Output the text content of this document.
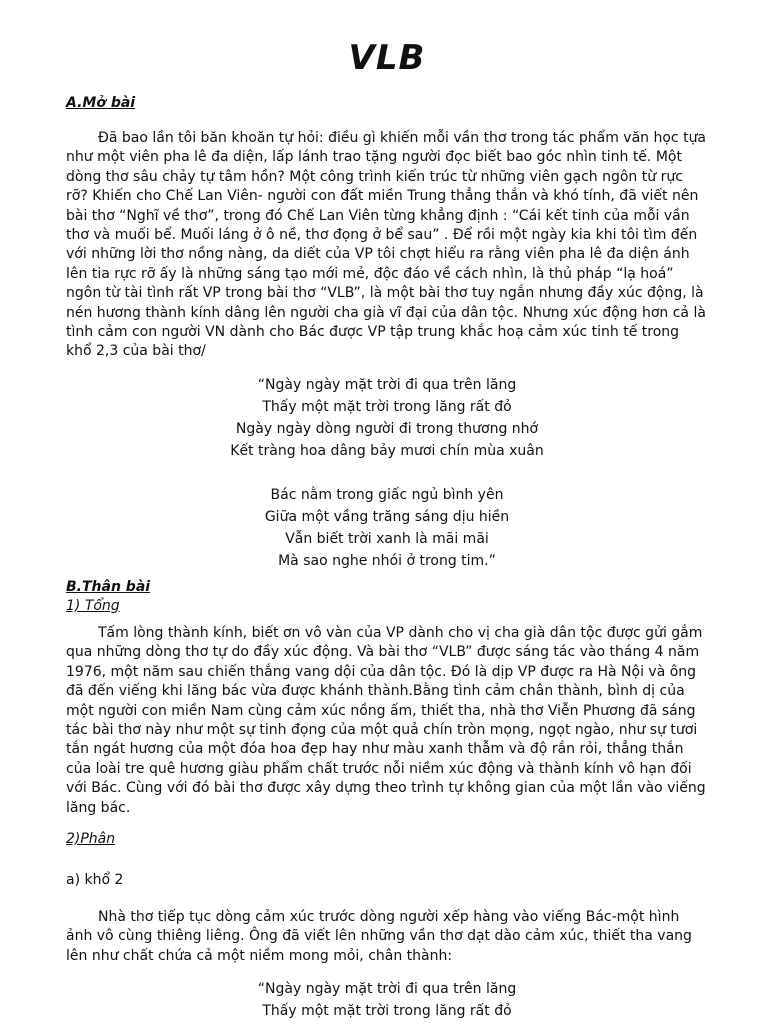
VLB

A.Mở bài

Đã bao lần tôi băn khoăn tự hỏi: điều gì khiến mỗi vần thơ trong tác phẩm văn học tựa như một viên pha lê đa diện, lấp lánh trao tặng người đọc biết bao góc nhìn tinh tế. Một dòng thơ sâu chảy tự tâm hồn? Một công trình kiến trúc từ những viên gạch ngôn từ rực rỡ? Khiến cho Chế Lan Viên- người con đất miền Trung thẳng thắn và khó tính, đã viết nên bài thơ “Nghĩ về thơ”, trong đó Chế Lan Viên từng khẳng định : “Cái kết tinh của mỗi vần thơ và muối bể. Muối láng ở ô nề, thơ đọng ở bể sau” . Để rồi một ngày kia khi tôi tìm đến với những lời thơ nồng nàng, da diết của VP tôi chợt hiểu ra rằng viên pha lê đa diện ánh lên tia rực rỡ ấy là những sáng tạo mới mẻ, độc đáo về cách nhìn, là thủ pháp “lạ hoá” ngôn từ tài tình rất VP trong bài thơ “VLB”, là một bài thơ tuy ngắn nhưng đầy xúc động, là nén hương thành kính dâng lên người cha già vĩ đại của dân tộc. Nhưng xúc động hơn cả là tình cảm con người VN dành cho Bác được VP tập trung khắc hoạ cảm xúc tinh tế trong khổ 2,3 của bài thơ/

“Ngày ngày mặt trời đi qua trên lăng
Thấy một mặt trời trong lăng rất đỏ
Ngày ngày dòng người đi trong thương nhớ
Kết tràng hoa dâng bảy mươi chín mùa xuân
Bác nằm trong giấc ngủ bình yên
Giữa một vầng trăng sáng dịu hiền
Vẫn biết trời xanh là mãi mãi
Mà sao nghe nhói ở trong tim.”

B.Thân bài

1) Tổng

Tấm lòng thành kính, biết ơn vô vàn của VP dành cho vị cha già dân tộc được gửi gắm qua những dòng thơ tự do đầy xúc động. Và bài thơ “VLB” được sáng tác vào tháng 4 năm 1976, một năm sau chiến thắng vang dội của dân tộc. Đó là dịp VP được ra Hà Nội và ông đã đến viếng khi lăng bác vừa được khánh thành.Bằng tình cảm chân thành, bình dị của một người con miền Nam cùng cảm xúc nồng ấm, thiết tha, nhà thơ Viễn Phương đã sáng tác bài thơ này như một sự tinh đọng của một quả chín tròn mọng, ngọt ngào, như sự tươi tắn ngát hương của một đóa hoa đẹp hay như màu xanh thẫm và độ rắn rỏi, thẳng thắn của loài tre quê hương giàu phẩm chất trước nỗi niềm xúc động và thành kính vô hạn đối với Bác. Cùng với đó bài thơ được xây dựng theo trình tự không gian của một lần vào viếng lăng bác.

2)Phân

a) khổ 2

Nhà thơ tiếp tục dòng cảm xúc trước dòng người xếp hàng vào viếng Bác-một hình ảnh vô cùng thiêng liêng. Ông đã viết lên những vần thơ dạt dào cảm xúc, thiết tha vang lên như chất chứa cả một niềm mong mỏi, chân thành:

“Ngày ngày mặt trời đi qua trên lăng
Thấy một mặt trời trong lăng rất đỏ
